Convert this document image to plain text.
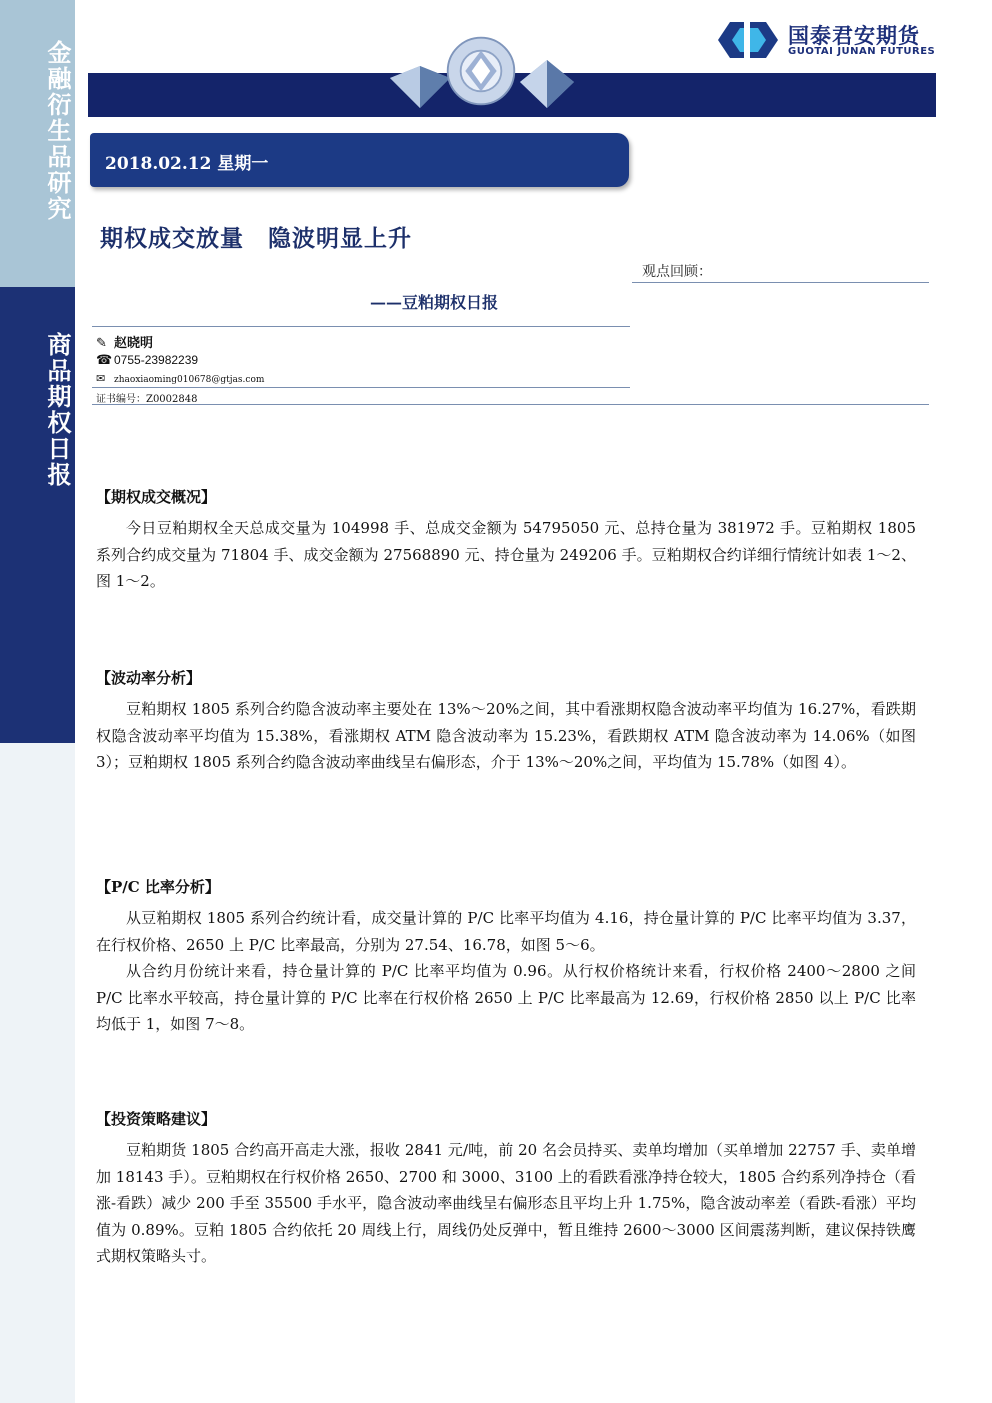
金融衍生品研究
商品期权日报
国泰君安期货
GUOTAI JUNAN FUTURES
2018.02.12 星期一
期权成交放量　隐波明显上升
观点回顾：
——豆粕期权日报
✎ 赵晓明
☎ 0755-23982239
✉ zhaoxiaoming010678@gtjas.com
证书编号：Z0002848
【期权成交概况】

今日豆粕期权全天总成交量为 104998 手、总成交金额为 54795050 元、总持仓量为 381972 手。豆粕期权 1805 系列合约成交量为 71804 手、成交金额为 27568890 元、持仓量为 249206 手。豆粕期权合约详细行情统计如表 1～2、图 1～2。

【波动率分析】

豆粕期权 1805 系列合约隐含波动率主要处在 13%～20%之间，其中看涨期权隐含波动率平均值为 16.27%，看跌期权隐含波动率平均值为 15.38%，看涨期权 ATM 隐含波动率为 15.23%，看跌期权 ATM 隐含波动率为 14.06%（如图 3）；豆粕期权 1805 系列合约隐含波动率曲线呈右偏形态，介于 13%～20%之间，平均值为 15.78%（如图 4）。

【P/C 比率分析】

从豆粕期权 1805 系列合约统计看，成交量计算的 P/C 比率平均值为 4.16，持仓量计算的 P/C 比率平均值为 3.37，在行权价格、2650 上 P/C 比率最高，分别为 27.54、16.78，如图 5～6。

从合约月份统计来看，持仓量计算的 P/C 比率平均值为 0.96。从行权价格统计来看，行权价格 2400～2800 之间 P/C 比率水平较高，持仓量计算的 P/C 比率在行权价格 2650 上 P/C 比率最高为 12.69，行权价格 2850 以上 P/C 比率均低于 1，如图 7～8。

【投资策略建议】

豆粕期货 1805 合约高开高走大涨，报收 2841 元/吨，前 20 名会员持买、卖单均增加（买单增加 22757 手、卖单增加 18143 手）。豆粕期权在行权价格 2650、2700 和 3000、3100 上的看跌看涨净持仓较大，1805 合约系列净持仓（看涨-看跌）减少 200 手至 35500 手水平，隐含波动率曲线呈右偏形态且平均上升 1.75%，隐含波动率差（看跌-看涨）平均值为 0.89%。豆粕 1805 合约依托 20 周线上行，周线仍处反弹中，暂且维持 2600～3000 区间震荡判断，建议保持铁鹰式期权策略头寸。
